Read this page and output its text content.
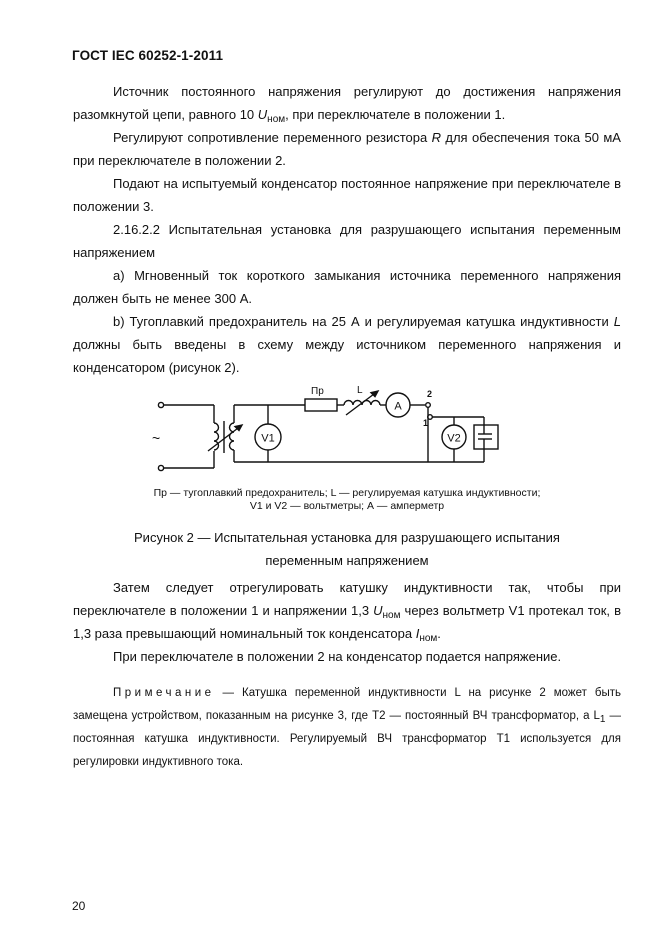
ГОСТ IEC 60252-1-2011

Источник постоянного напряжения регулируют до достижения напряжения разомкнутой цепи, равного 10 $U_{ном}$, при переключателе в положении 1.

Регулируют сопротивление переменного резистора R для обеспечения тока 50 мА при переключателе в положении 2.

Подают на испытуемый конденсатор постоянное напряжение при переключателе в положении 3.

2.16.2.2 Испытательная установка для разрушающего испытания переменным напряжением

a) Мгновенный ток короткого замыкания источника переменного напряжения должен быть не менее 300 А.

b) Тугоплавкий предохранитель на 25 А и регулируемая катушка индуктивности L должны быть введены в схему между источником переменного напряжения и конденсатором (рисунок 2).

~	V1
Пр	L
A
2
1
V2
Пр — тугоплавкий предохранитель; L — регулируемая катушка индуктивности;
V1 и V2 — вольтметры; А — амперметр
Рисунок 2 — Испытательная установка для разрушающего испытания
переменным напряжением

Затем следует отрегулировать катушку индуктивности так, чтобы при переключателе в положении 1 и напряжении 1,3 $U_{ном}$ через вольтметр V1 протекал ток, в 1,3 раза превышающий номинальный ток конденсатора $I_{ном}$.

При переключателе в положении 2 на конденсатор подается напряжение.

Примечание — Катушка переменной индуктивности L на рисунке 2 может быть замещена устройством, показанным на рисунке 3, где Т2 — постоянный ВЧ трансформатор, а $L_1$ — постоянная катушка индуктивности. Регулируемый ВЧ трансформатор Т1 используется для регулировки индуктивного тока.

20
